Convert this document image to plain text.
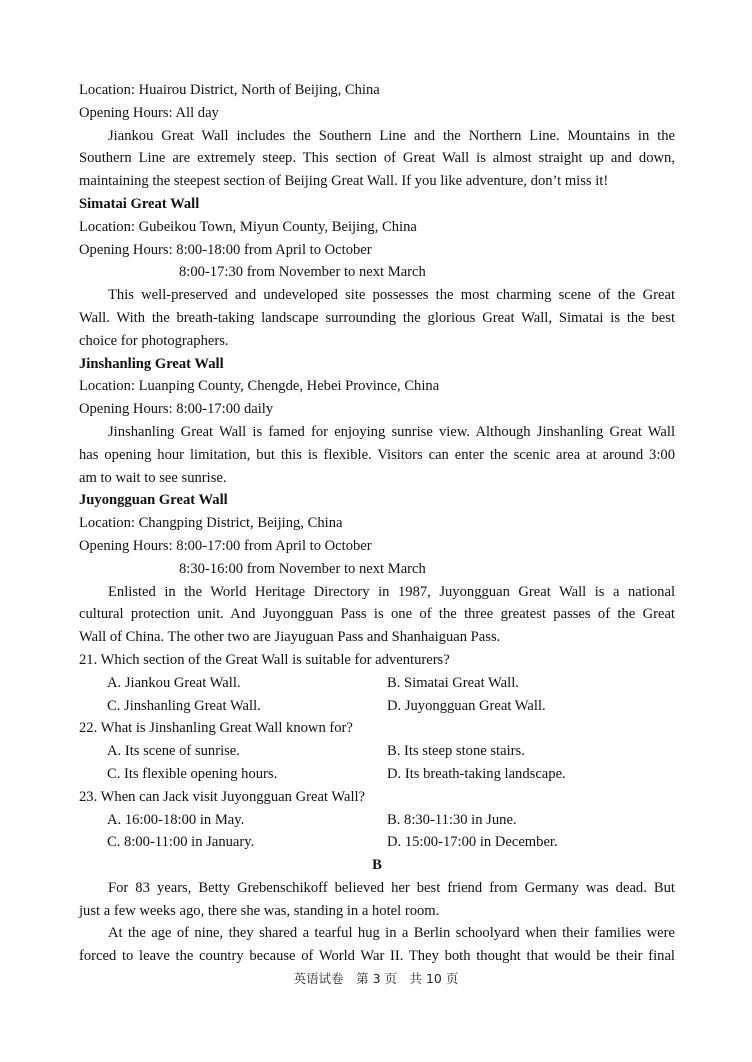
Location: Huairou District, North of Beijing, China
Opening Hours: All day
Jiankou Great Wall includes the Southern Line and the Northern Line. Mountains in the
Southern Line are extremely steep. This section of Great Wall is almost straight up and down,
maintaining the steepest section of Beijing Great Wall. If you like adventure, don’t miss it!
Simatai Great Wall
Location: Gubeikou Town, Miyun County, Beijing, China
Opening Hours: 8:00-18:00 from April to October
8:00-17:30 from November to next March
This well-preserved and undeveloped site possesses the most charming scene of the Great
Wall. With the breath-taking landscape surrounding the glorious Great Wall, Simatai is the best
choice for photographers.
Jinshanling Great Wall
Location: Luanping County, Chengde, Hebei Province, China
Opening Hours: 8:00-17:00 daily
Jinshanling Great Wall is famed for enjoying sunrise view. Although Jinshanling Great Wall
has opening hour limitation, but this is flexible. Visitors can enter the scenic area at around 3:00
am to wait to see sunrise.
Juyongguan Great Wall
Location: Changping District, Beijing, China
Opening Hours: 8:00-17:00 from April to October
8:30-16:00 from November to next March
Enlisted in the World Heritage Directory in 1987, Juyongguan Great Wall is a national
cultural protection unit. And Juyongguan Pass is one of the three greatest passes of the Great
Wall of China. The other two are Jiayuguan Pass and Shanhaiguan Pass.
21. Which section of the Great Wall is suitable for adventurers?
A. Jiankou Great Wall.	B. Simatai Great Wall.
C. Jinshanling Great Wall.	D. Juyongguan Great Wall.
22. What is Jinshanling Great Wall known for?
A. Its scene of sunrise.	B. Its steep stone stairs.
C. Its flexible opening hours.	D. Its breath-taking landscape.
23. When can Jack visit Juyongguan Great Wall?
A. 16:00-18:00 in May.	B. 8:30-11:30 in June.
C. 8:00-11:00 in January.	D. 15:00-17:00 in December.
B
For 83 years, Betty Grebenschikoff believed her best friend from Germany was dead. But
just a few weeks ago, there she was, standing in a hotel room.
At the age of nine, they shared a tearful hug in a Berlin schoolyard when their families were
forced to leave the country because of World War II. They both thought that would be their final
英语试卷　第 3 页　共 10 页
